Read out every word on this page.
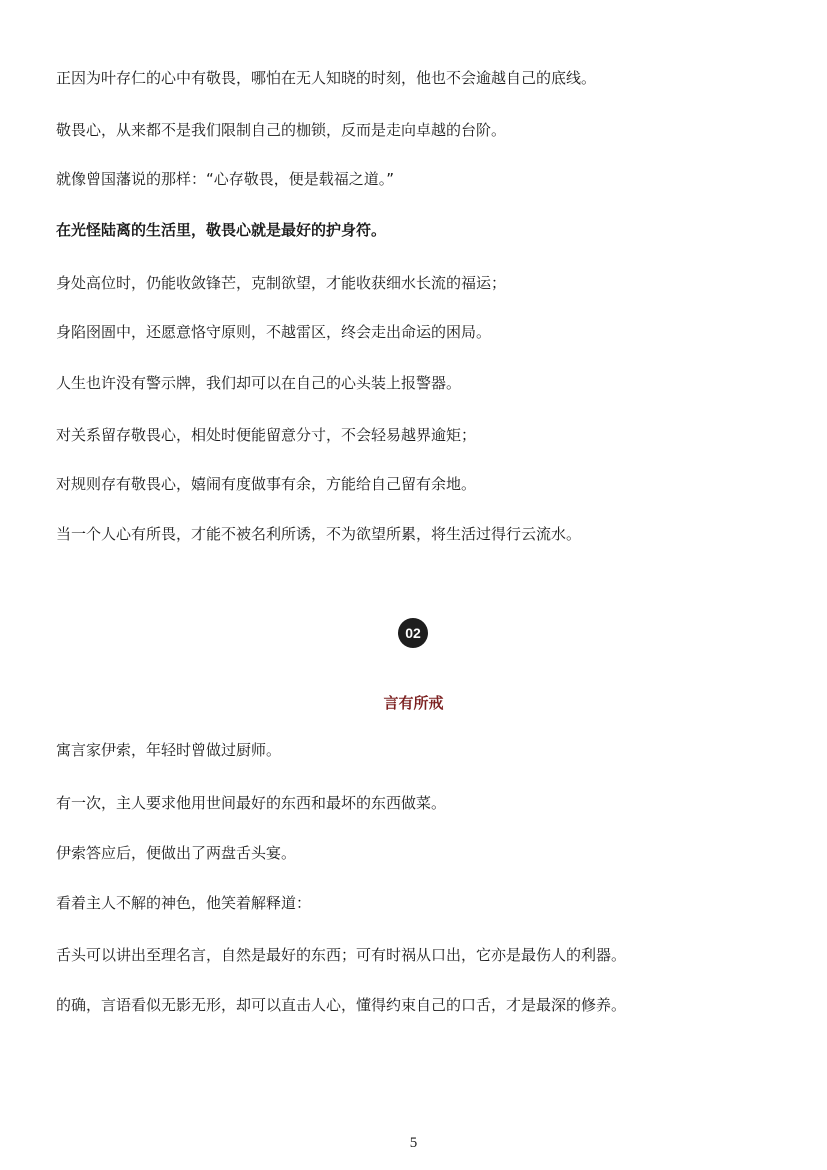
正因为叶存仁的心中有敬畏，哪怕在无人知晓的时刻，他也不会逾越自己的底线。

敬畏心，从来都不是我们限制自己的枷锁，反而是走向卓越的台阶。

就像曾国藩说的那样：“心存敬畏，便是载福之道。”

在光怪陆离的生活里，敬畏心就是最好的护身符。

身处高位时，仍能收敛锋芒，克制欲望，才能收获细水长流的福运；

身陷囹圄中，还愿意恪守原则，不越雷区，终会走出命运的困局。

人生也许没有警示牌，我们却可以在自己的心头装上报警器。

对关系留存敬畏心，相处时便能留意分寸，不会轻易越界逾矩；

对规则存有敬畏心，嬉闹有度做事有余，方能给自己留有余地。

当一个人心有所畏，才能不被名利所诱，不为欲望所累，将生活过得行云流水。

02
言有所戒

寓言家伊索，年轻时曾做过厨师。

有一次，主人要求他用世间最好的东西和最坏的东西做菜。

伊索答应后，便做出了两盘舌头宴。

看着主人不解的神色，他笑着解释道：

舌头可以讲出至理名言，自然是最好的东西；可有时祸从口出，它亦是最伤人的利器。

的确，言语看似无影无形，却可以直击人心，懂得约束自己的口舌，才是最深的修养。

5
